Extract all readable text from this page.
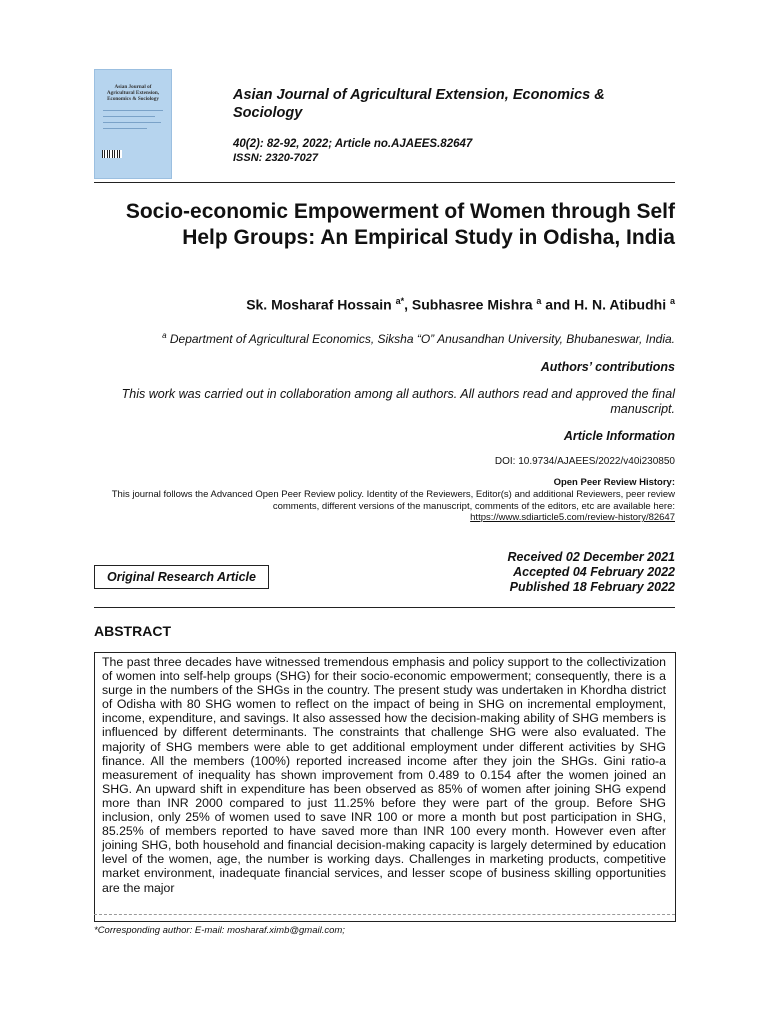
Asian Journal of
Agricultural Extension,
Economics & Sociology	Asian Journal of Agricultural Extension, Economics & Sociology
40(2): 82-92, 2022; Article no.AJAEES.82647
ISSN: 2320-7027
Socio-economic Empowerment of Women through Self Help Groups: An Empirical Study in Odisha, India
Sk. Mosharaf Hossain $^{a*}$, Subhasree Mishra $^a$ and H. N. Atibudhi $^a$
$^a$ Department of Agricultural Economics, Siksha “O” Anusandhan University, Bhubaneswar, India.
Authors’ contributions
This work was carried out in collaboration among all authors. All authors read and approved the final manuscript.
Article Information
DOI: 10.9734/AJAEES/2022/v40i230850
Open Peer Review History:
This journal follows the Advanced Open Peer Review policy. Identity of the Reviewers, Editor(s) and additional Reviewers, peer review comments, different versions of the manuscript, comments of the editors, etc are available here:
https://www.sdiarticle5.com/review-history/82647
Received 02 December 2021
Accepted 04 February 2022
Published 18 February 2022
Original Research Article
ABSTRACT
The past three decades have witnessed tremendous emphasis and policy support to the collectivization of women into self-help groups (SHG) for their socio-economic empowerment; consequently, there is a surge in the numbers of the SHGs in the country. The present study was undertaken in Khordha district of Odisha with 80 SHG women to reflect on the impact of being in SHG on incremental employment, income, expenditure, and savings. It also assessed how the decision-making ability of SHG members is influenced by different determinants. The constraints that challenge SHG were also evaluated. The majority of SHG members were able to get additional employment under different activities by SHG finance. All the members (100%) reported increased income after they join the SHGs. Gini ratio-a measurement of inequality has shown improvement from 0.489 to 0.154 after the women joined an SHG. An upward shift in expenditure has been observed as 85% of women after joining SHG expend more than INR 2000 compared to just 11.25% before they were part of the group. Before SHG inclusion, only 25% of women used to save INR 100 or more a month but post participation in SHG, 85.25% of members reported to have saved more than INR 100 every month. However even after joining SHG, both household and financial decision-making capacity is largely determined by education level of the women, age, the number is working days. Challenges in marketing products, competitive market environment, inadequate financial services, and lesser scope of business skilling opportunities are the major
*Corresponding author: E-mail: mosharaf.ximb@gmail.com;
